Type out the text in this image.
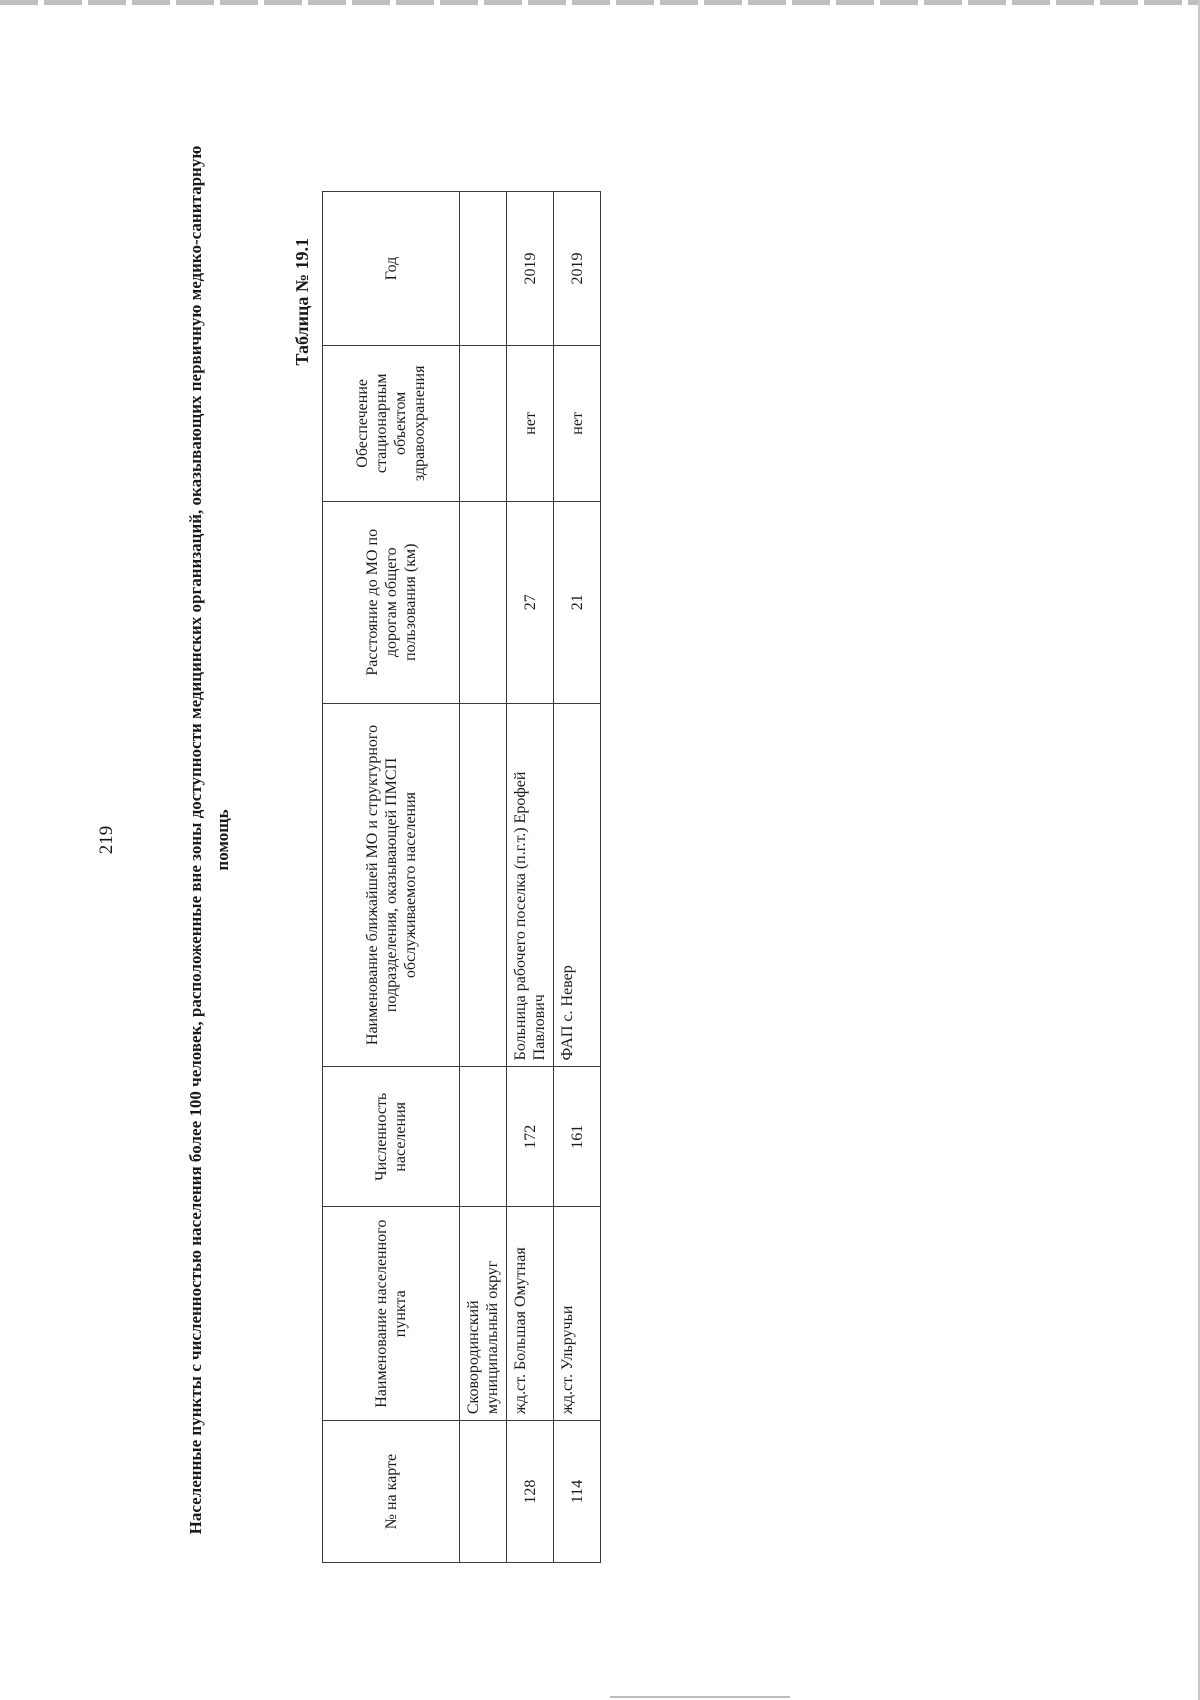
219	Населенные пункты с численностью населения более 100 человек, расположенные вне зоны доступности медицинских организаций, оказывающих первичную медико-санитарную помощь
Таблица № 19.1
№ на карте	Наименование населенного пункта	Численность населения	Наименование ближайшей МО и структурного подразделения, оказывающей ПМСП обслуживаемого населения	Расстояние до МО по дорогам общего пользования (км)	Обеспечение стационарным объектом здравоохранения	Год
	Сковородинский муниципальный округ					
128	жд.ст. Большая Омутная	172	Больница рабочего поселка (п.г.т.) Ерофей Павлович	27	нет	2019
114	жд.ст. Ульручьи	161	ФАП с. Невер	21	нет	2019
